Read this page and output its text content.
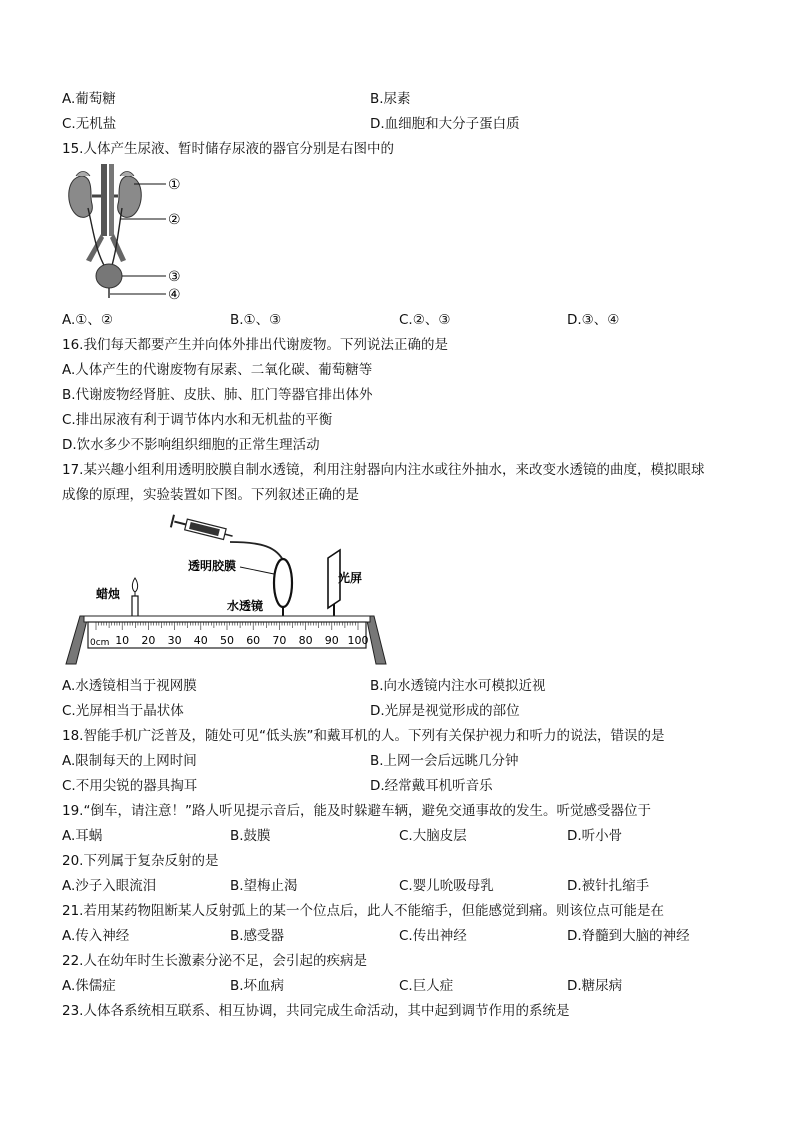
A.葡萄糖	B.尿素
C.无机盐	D.血细胞和大分子蛋白质
15.人体产生尿液、暂时储存尿液的器官分别是右图中的
①
②
③
④
A.①、②	B.①、③	C.②、③	D.③、④
16.我们每天都要产生并向体外排出代谢废物。下列说法正确的是
A.人体产生的代谢废物有尿素、二氧化碳、葡萄糖等
B.代谢废物经肾脏、皮肤、肺、肛门等器官排出体外
C.排出尿液有利于调节体内水和无机盐的平衡
D.饮水多少不影响组织细胞的正常生理活动
17.某兴趣小组利用透明胶膜自制水透镜，利用注射器向内注水或往外抽水，来改变水透镜的曲度，模拟眼球
成像的原理，实验装置如下图。下列叙述正确的是
透明胶膜
水透镜
蜡烛
光屏
0cm 10 20 30 40 50 60 70 80 90 100
A.水透镜相当于视网膜	B.向水透镜内注水可模拟近视
C.光屏相当于晶状体	D.光屏是视觉形成的部位
18.智能手机广泛普及，随处可见“低头族”和戴耳机的人。下列有关保护视力和听力的说法，错误的是
A.限制每天的上网时间	B.上网一会后远眺几分钟
C.不用尖锐的器具掏耳	D.经常戴耳机听音乐
19.“倒车，请注意！”路人听见提示音后，能及时躲避车辆，避免交通事故的发生。听觉感受器位于
A.耳蜗	B.鼓膜	C.大脑皮层	D.听小骨
20.下列属于复杂反射的是
A.沙子入眼流泪	B.望梅止渴	C.婴儿吮吸母乳	D.被针扎缩手
21.若用某药物阻断某人反射弧上的某一个位点后，此人不能缩手，但能感觉到痛。则该位点可能是在
A.传入神经	B.感受器	C.传出神经	D.脊髓到大脑的神经
22.人在幼年时生长激素分泌不足，会引起的疾病是
A.侏儒症	B.坏血病	C.巨人症	D.糖尿病
23.人体各系统相互联系、相互协调，共同完成生命活动，其中起到调节作用的系统是
